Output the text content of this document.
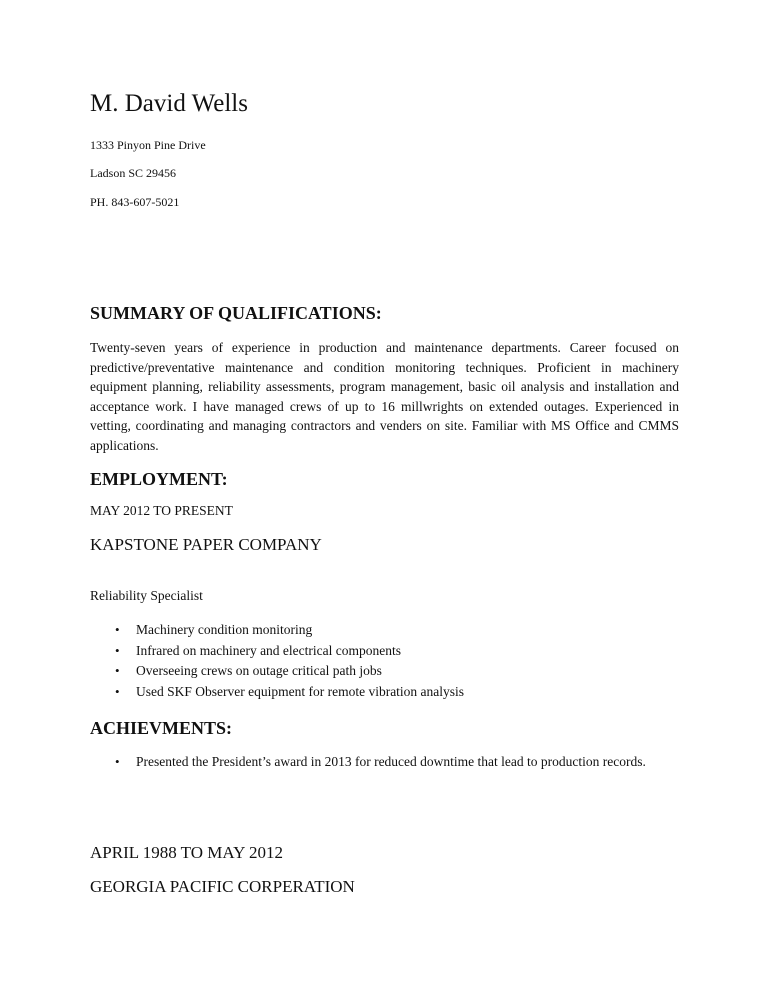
M. David Wells
1333 Pinyon Pine Drive
Ladson SC 29456
PH. 843-607-5021
SUMMARY OF QUALIFICATIONS:
Twenty-seven years of experience in production and maintenance departments. Career focused on predictive/preventative maintenance and condition monitoring techniques. Proficient in machinery equipment planning, reliability assessments, program management, basic oil analysis and installation and acceptance work. I have managed crews of up to 16 millwrights on extended outages. Experienced in vetting, coordinating and managing contractors and venders on site. Familiar with MS Office and CMMS applications.
EMPLOYMENT:
MAY 2012 TO PRESENT
KAPSTONE PAPER COMPANY
Reliability Specialist
• Machinery condition monitoring
• Infrared on machinery and electrical components
• Overseeing crews on outage critical path jobs
• Used SKF Observer equipment for remote vibration analysis
ACHIEVMENTS:
• Presented the President’s award in 2013 for reduced downtime that lead to production records.
APRIL 1988 TO MAY 2012
GEORGIA PACIFIC CORPERATION
